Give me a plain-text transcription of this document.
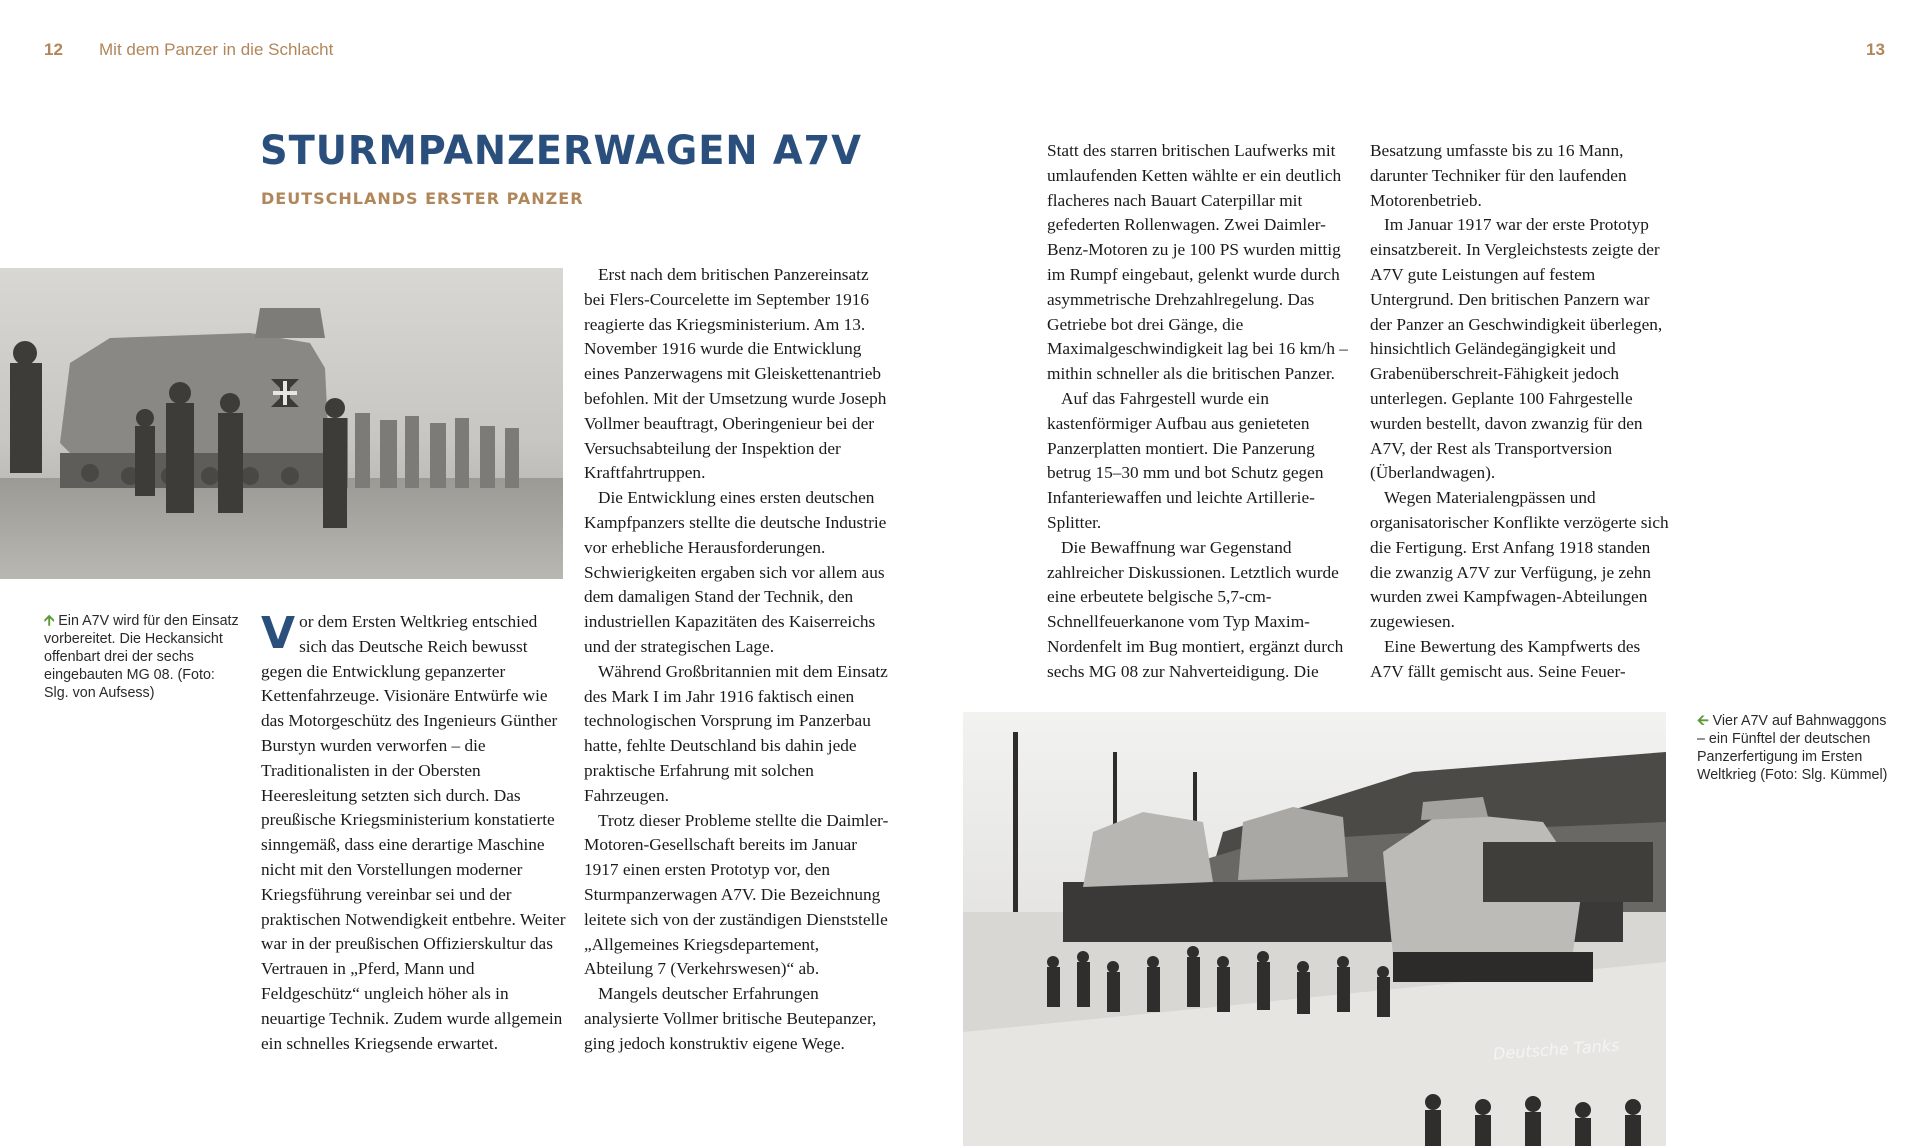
12 Mit dem Panzer in die Schlacht	13
STURMPANZERWAGEN A7V
DEUTSCHLANDS ERSTER PANZER
🡩 Ein A7V wird für den Einsatz vorbereitet. Die Heckansicht offenbart drei der sechs eingebauten MG 08. (Foto: Slg. von Aufsess)

Vor dem Ersten Weltkrieg entschied sich das Deutsche Reich bewusst gegen die Entwicklung gepanzerter Kettenfahrzeuge. Visionäre Entwürfe wie das Motorgeschütz des Ingenieurs Günther Burstyn wurden verworfen – die Traditionalisten in der Obersten Heeresleitung setzten sich durch. Das preußische Kriegsministerium konstatierte sinngemäß, dass eine derartige Maschine nicht mit den Vorstellungen moderner Kriegsführung vereinbar sei und der praktischen Notwendigkeit entbehre. Weiter war in der preußischen Offizierskultur das Vertrauen in „Pferd, Mann und Feldgeschütz“ ungleich höher als in neuartige Technik. Zudem wurde allgemein ein schnelles Kriegsende erwartet.

Erst nach dem britischen Panzereinsatz bei Flers-Courcelette im September 1916 reagierte das Kriegsministerium. Am 13. November 1916 wurde die Entwicklung eines Panzerwagens mit Gleiskettenantrieb befohlen. Mit der Umsetzung wurde Joseph Vollmer beauftragt, Oberingenieur bei der Versuchsabteilung der Inspektion der Kraftfahrtruppen.

Die Entwicklung eines ersten deutschen Kampfpanzers stellte die deutsche Industrie vor erhebliche Herausforderungen. Schwierigkeiten ergaben sich vor allem aus dem damaligen Stand der Technik, den industriellen Kapazitäten des Kaiserreichs und der strategischen Lage.

Während Großbritannien mit dem Einsatz des Mark I im Jahr 1916 faktisch einen technologischen Vorsprung im Panzerbau hatte, fehlte Deutschland bis dahin jede praktische Erfahrung mit solchen Fahrzeugen.

Trotz dieser Probleme stellte die Daimler-Motoren-Gesellschaft bereits im Januar 1917 einen ersten Prototyp vor, den Sturmpanzerwagen A7V. Die Bezeichnung leitete sich von der zuständigen Dienststelle „Allgemeines Kriegsdepartement, Abteilung 7 (Verkehrswesen)“ ab.

Mangels deutscher Erfahrungen analysierte Vollmer britische Beutepanzer, ging jedoch konstruktiv eigene Wege.

Statt des starren britischen Laufwerks mit umlaufenden Ketten wählte er ein deutlich flacheres nach Bauart Caterpillar mit gefederten Rollenwagen. Zwei Daimler-Benz-Motoren zu je 100 PS wurden mittig im Rumpf eingebaut, gelenkt wurde durch asymmetrische Drehzahlregelung. Das Getriebe bot drei Gänge, die Maximalgeschwindigkeit lag bei 16 km/h – mithin schneller als die britischen Panzer.

Auf das Fahrgestell wurde ein kastenförmiger Aufbau aus genieteten Panzerplatten montiert. Die Panzerung betrug 15–30 mm und bot Schutz gegen Infanteriewaffen und leichte Artillerie-Splitter.

Die Bewaffnung war Gegenstand zahlreicher Diskussionen. Letztlich wurde eine erbeutete belgische 5,7-cm-Schnellfeuerkanone vom Typ Maxim-Nordenfelt im Bug montiert, ergänzt durch sechs MG 08 zur Nahverteidigung. Die

Besatzung umfasste bis zu 16 Mann, darunter Techniker für den laufenden Motorenbetrieb.

Im Januar 1917 war der erste Prototyp einsatzbereit. In Vergleichstests zeigte der A7V gute Leistungen auf festem Untergrund. Den britischen Panzern war der Panzer an Geschwindigkeit überlegen, hinsichtlich Geländegängigkeit und Grabenüberschreit-Fähigkeit jedoch unterlegen. Geplante 100 Fahrgestelle wurden bestellt, davon zwanzig für den A7V, der Rest als Transportversion (Überlandwagen).

Wegen Materialengpässen und organisatorischer Konflikte verzögerte sich die Fertigung. Erst Anfang 1918 standen die zwanzig A7V zur Verfügung, je zehn wurden zwei Kampfwagen-Abteilungen zugewiesen.

Eine Bewertung des Kampfwerts des A7V fällt gemischt aus. Seine Feuer-

Deutsche Tanks
🡨 Vier A7V auf Bahnwaggons – ein Fünftel der deutschen Panzerfertigung im Ersten Weltkrieg (Foto: Slg. Kümmel)
